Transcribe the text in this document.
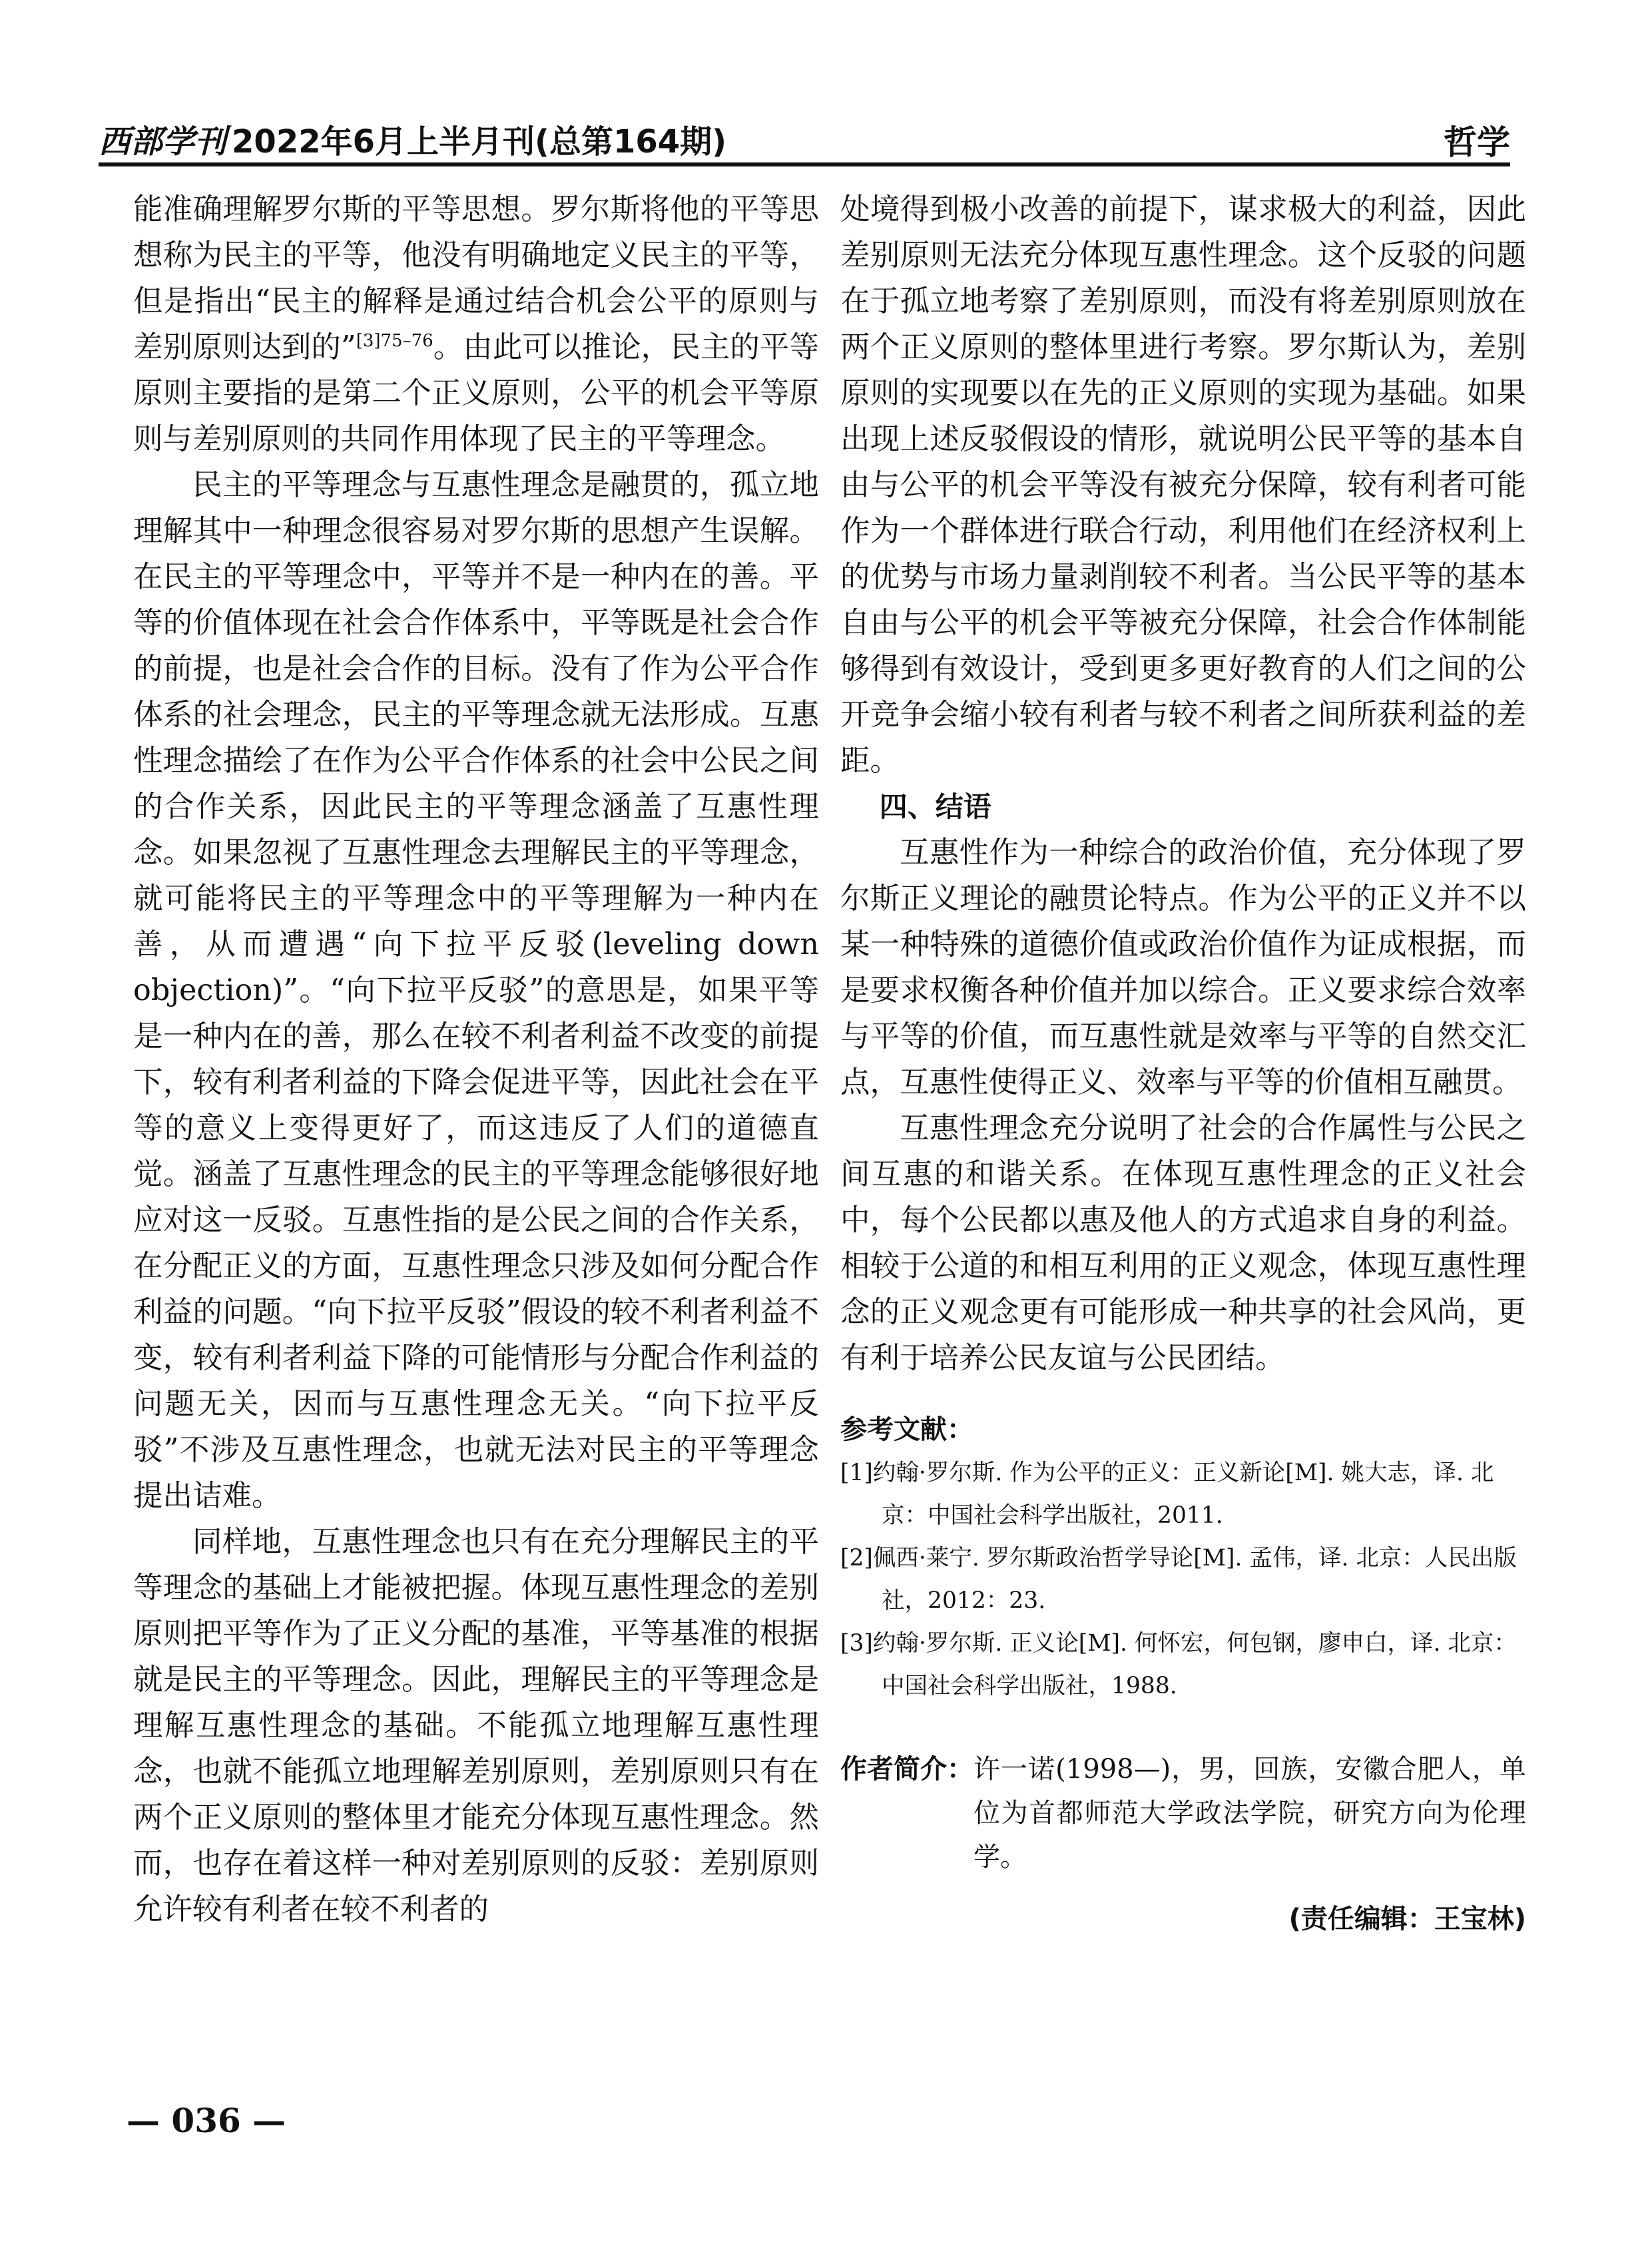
西部学刊 2022年6月上半月刊(总第164期)	哲学

能准确理解罗尔斯的平等思想。罗尔斯将他的平等思想称为民主的平等，他没有明确地定义民主的平等，但是指出“民主的解释是通过结合机会公平的原则与差别原则达到的”$^{[3]75-76}$。由此可以推论，民主的平等原则主要指的是第二个正义原则，公平的机会平等原则与差别原则的共同作用体现了民主的平等理念。

民主的平等理念与互惠性理念是融贯的，孤立地理解其中一种理念很容易对罗尔斯的思想产生误解。在民主的平等理念中，平等并不是一种内在的善。平等的价值体现在社会合作体系中，平等既是社会合作的前提，也是社会合作的目标。没有了作为公平合作体系的社会理念，民主的平等理念就无法形成。互惠性理念描绘了在作为公平合作体系的社会中公民之间的合作关系，因此民主的平等理念涵盖了互惠性理念。如果忽视了互惠性理念去理解民主的平等理念，就可能将民主的平等理念中的平等理解为一种内在善，从而遭遇“向下拉平反驳(leveling down objection)”。“向下拉平反驳”的意思是，如果平等是一种内在的善，那么在较不利者利益不改变的前提下，较有利者利益的下降会促进平等，因此社会在平等的意义上变得更好了，而这违反了人们的道德直觉。涵盖了互惠性理念的民主的平等理念能够很好地应对这一反驳。互惠性指的是公民之间的合作关系，在分配正义的方面，互惠性理念只涉及如何分配合作利益的问题。“向下拉平反驳”假设的较不利者利益不变，较有利者利益下降的可能情形与分配合作利益的问题无关，因而与互惠性理念无关。“向下拉平反驳”不涉及互惠性理念，也就无法对民主的平等理念提出诘难。

同样地，互惠性理念也只有在充分理解民主的平等理念的基础上才能被把握。体现互惠性理念的差别原则把平等作为了正义分配的基准，平等基准的根据就是民主的平等理念。因此，理解民主的平等理念是理解互惠性理念的基础。不能孤立地理解互惠性理念，也就不能孤立地理解差别原则，差别原则只有在两个正义原则的整体里才能充分体现互惠性理念。然而，也存在着这样一种对差别原则的反驳：差别原则允许较有利者在较不利者的

处境得到极小改善的前提下，谋求极大的利益，因此差别原则无法充分体现互惠性理念。这个反驳的问题在于孤立地考察了差别原则，而没有将差别原则放在两个正义原则的整体里进行考察。罗尔斯认为，差别原则的实现要以在先的正义原则的实现为基础。如果出现上述反驳假设的情形，就说明公民平等的基本自由与公平的机会平等没有被充分保障，较有利者可能作为一个群体进行联合行动，利用他们在经济权利上的优势与市场力量剥削较不利者。当公民平等的基本自由与公平的机会平等被充分保障，社会合作体制能够得到有效设计，受到更多更好教育的人们之间的公开竞争会缩小较有利者与较不利者之间所获利益的差距。

四、结语

互惠性作为一种综合的政治价值，充分体现了罗尔斯正义理论的融贯论特点。作为公平的正义并不以某一种特殊的道德价值或政治价值作为证成根据，而是要求权衡各种价值并加以综合。正义要求综合效率与平等的价值，而互惠性就是效率与平等的自然交汇点，互惠性使得正义、效率与平等的价值相互融贯。

互惠性理念充分说明了社会的合作属性与公民之间互惠的和谐关系。在体现互惠性理念的正义社会中，每个公民都以惠及他人的方式追求自身的利益。相较于公道的和相互利用的正义观念，体现互惠性理念的正义观念更有可能形成一种共享的社会风尚，更有利于培养公民友谊与公民团结。

参考文献：
[1]约翰·罗尔斯. 作为公平的正义：正义新论[M]. 姚大志，译. 北京：中国社会科学出版社，2011.
[2]佩西·莱宁. 罗尔斯政治哲学导论[M]. 孟伟，译. 北京：人民出版社，2012：23.
[3]约翰·罗尔斯. 正义论[M]. 何怀宏，何包钢，廖申白，译. 北京：中国社会科学出版社，1988.
作者简介： 许一诺(1998—)，男，回族，安徽合肥人，单位为首都师范大学政法学院，研究方向为伦理学。
(责任编辑：王宝林)
— 036 —
